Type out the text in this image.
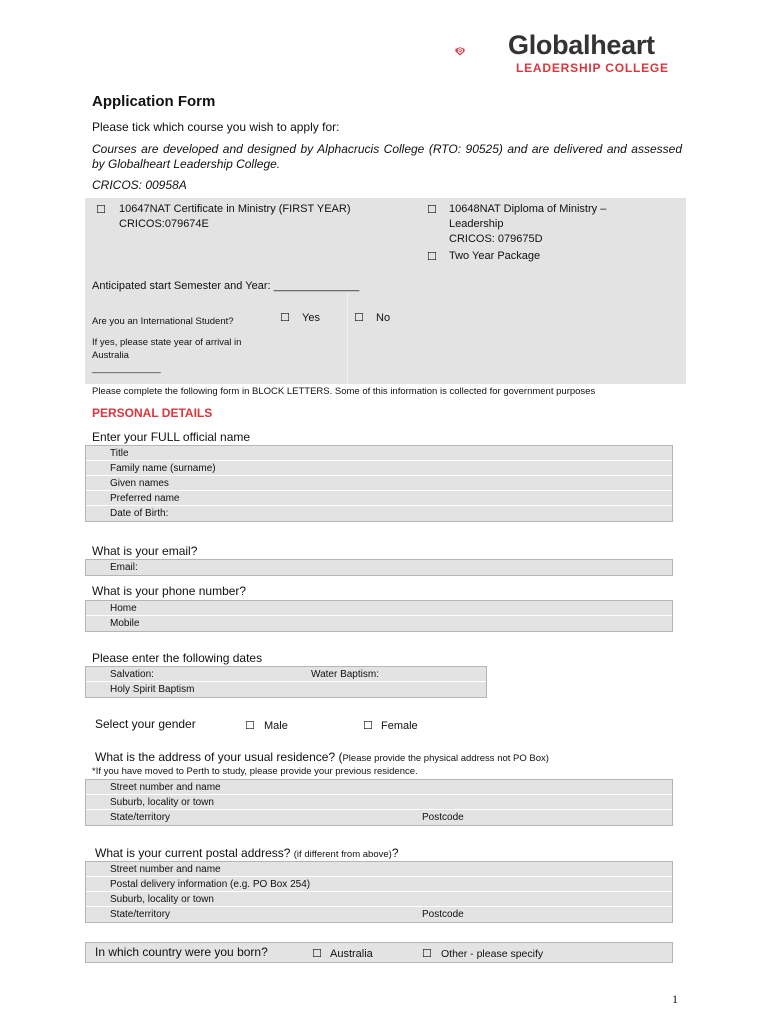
Globalheart
LEADERSHIP COLLEGE
Application Form
Please tick which course you wish to apply for:
Courses are developed and designed by Alphacrucis College (RTO: 90525) and are delivered and assessed by Globalheart Leadership College.
CRICOS: 00958A
☐ 10647NAT Certificate in Ministry (FIRST YEAR)
CRICOS:079674E
☐ 10648NAT Diploma of Ministry –
Leadership
CRICOS: 079675D
☐ Two Year Package
Anticipated start Semester and Year: ______________
Are you an International Student?	☐ Yes	☐ No
If yes, please state year of arrival in
Australia
_____________
Please complete the following form in BLOCK LETTERS. Some of this information is collected for government purposes
PERSONAL DETAILS
Enter your FULL official name
Title
Family name (surname)
Given names
Preferred name
Date of Birth:
What is your email?
Email:
What is your phone number?
Home
Mobile
Please enter the following dates
Salvation:	Water Baptism:
Holy Spirit Baptism
Select your gender	☐ Male	☐ Female
What is the address of your usual residence? (Please provide the physical address not PO Box)
*If you have moved to Perth to study, please provide your previous residence.
Street number and name
Suburb, locality or town
State/territory	Postcode
What is your current postal address? (if different from above)?
Street number and name
Postal delivery information (e.g. PO Box 254)
Suburb, locality or town
State/territory	Postcode
In which country were you born?	☐ Australia	☐ Other - please specify
1
